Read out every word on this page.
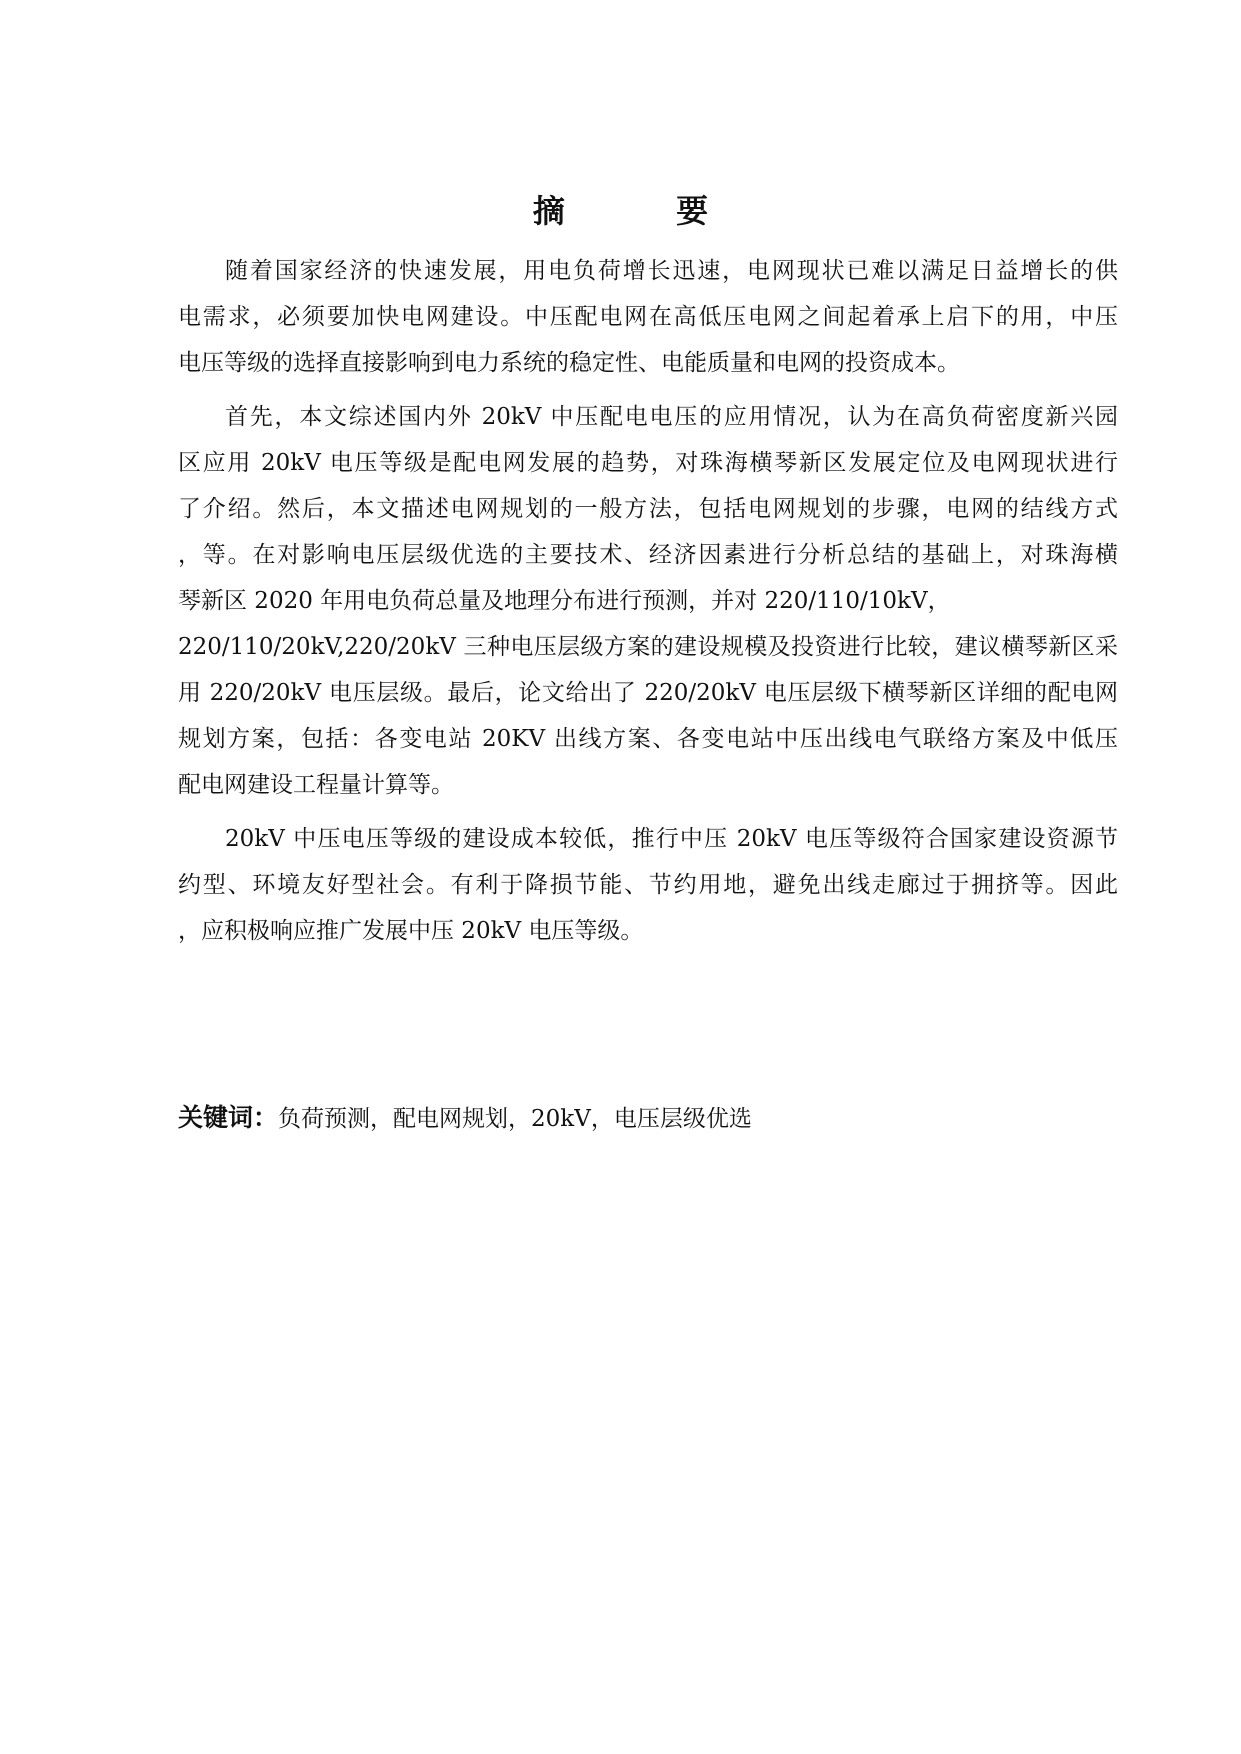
摘 要
随着国家经济的快速发展，用电负荷增长迅速，电网现状已难以满足日益增长的供
电需求，必须要加快电网建设。中压配电网在高低压电网之间起着承上启下的用，中压
电压等级的选择直接影响到电力系统的稳定性、电能质量和电网的投资成本。
首先，本文综述国内外 20kV 中压配电电压的应用情况，认为在高负荷密度新兴园
区应用 20kV 电压等级是配电网发展的趋势，对珠海横琴新区发展定位及电网现状进行
了介绍。然后，本文描述电网规划的一般方法，包括电网规划的步骤，电网的结线方式
，等。在对影响电压层级优选的主要技术、经济因素进行分析总结的基础上，对珠海横
琴新区 2020 年用电负荷总量及地理分布进行预测，并对 220/110/10kV，
220/110/20kV,220/20kV 三种电压层级方案的建设规模及投资进行比较，建议横琴新区采
用 220/20kV 电压层级。最后，论文给出了 220/20kV 电压层级下横琴新区详细的配电网
规划方案，包括：各变电站 20KV 出线方案、各变电站中压出线电气联络方案及中低压
配电网建设工程量计算等。
20kV 中压电压等级的建设成本较低，推行中压 20kV 电压等级符合国家建设资源节
约型、环境友好型社会。有利于降损节能、节约用地，避免出线走廊过于拥挤等。因此
，应积极响应推广发展中压 20kV 电压等级。
关键词：负荷预测，配电网规划，20kV，电压层级优选
